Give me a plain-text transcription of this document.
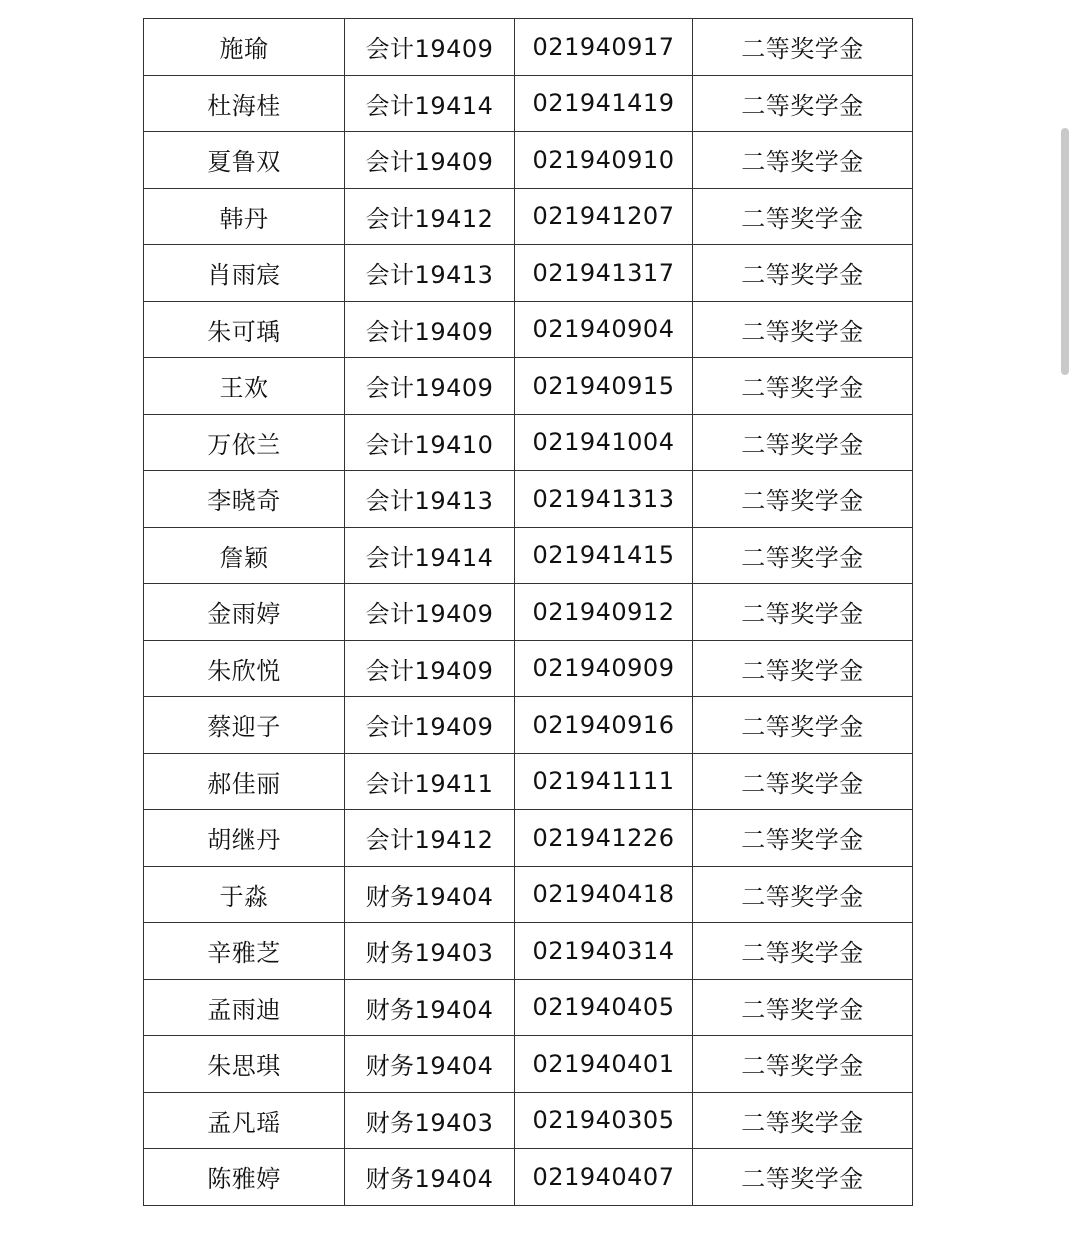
施瑜	会计19409	021940917	二等奖学金
杜海桂	会计19414	021941419	二等奖学金
夏鲁双	会计19409	021940910	二等奖学金
韩丹	会计19412	021941207	二等奖学金
肖雨宸	会计19413	021941317	二等奖学金
朱可瑀	会计19409	021940904	二等奖学金
王欢	会计19409	021940915	二等奖学金
万依兰	会计19410	021941004	二等奖学金
李晓奇	会计19413	021941313	二等奖学金
詹颖	会计19414	021941415	二等奖学金
金雨婷	会计19409	021940912	二等奖学金
朱欣悦	会计19409	021940909	二等奖学金
蔡迎子	会计19409	021940916	二等奖学金
郝佳丽	会计19411	021941111	二等奖学金
胡继丹	会计19412	021941226	二等奖学金
于淼	财务19404	021940418	二等奖学金
辛雅芝	财务19403	021940314	二等奖学金
孟雨迪	财务19404	021940405	二等奖学金
朱思琪	财务19404	021940401	二等奖学金
孟凡瑶	财务19403	021940305	二等奖学金
陈雅婷	财务19404	021940407	二等奖学金
